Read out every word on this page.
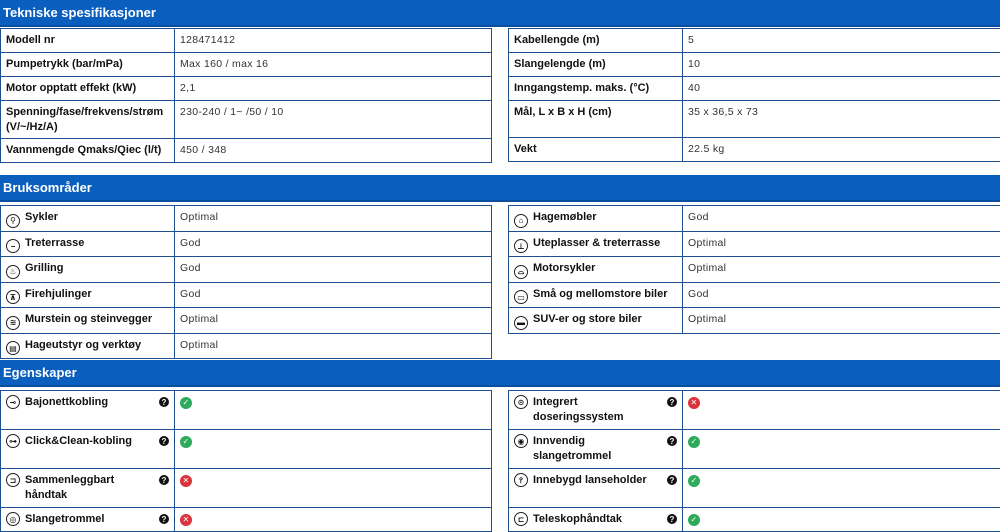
Tekniske spesifikasjoner
Modell nr	128471412
Pumpetrykk (bar/mPa)	Max 160 / max 16
Motor opptatt effekt (kW)	2,1
Spenning/fase/frekvens/strøm (V/~/Hz/A)	230-240 / 1~ /50 / 10
Vannmengde Qmaks/Qiec (l/t)	450 / 348
Kabellengde (m)	5
Slangelengde (m)	10
Inngangstemp. maks. (°C)	40
Mål, L x B x H (cm)	35 x 36,5 x 73
Vekt	22.5 kg
Bruksområder
⚲ Sykler	Optimal
− Treterrasse	God
♨ Grilling	God
⊼ Firehjulinger	God
≋ Murstein og steinvegger	Optimal
▤ Hageutstyr og verktøy	Optimal
⌂ Hagemøbler	God
⊥ Uteplasser & treterrasse	Optimal
⌓ Motorsykler	Optimal
▭ Små og mellomstore biler	God
▬ SUV-er og store biler	Optimal
Egenskaper
⊸ Bajonettkobling ?	✓

⊶ Click&Clean-kobling ?	✓

⊐ Sammenleggbart håndtak
?	✕

◎ Slangetrommel ?	✕
⊙ Integrert doseringssystem
?	✕

◉ Innvendig slangetrommel
?	✓

⫯ Innebygd lanseholder ?	✓

⊏ Teleskophåndtak ?	✓
